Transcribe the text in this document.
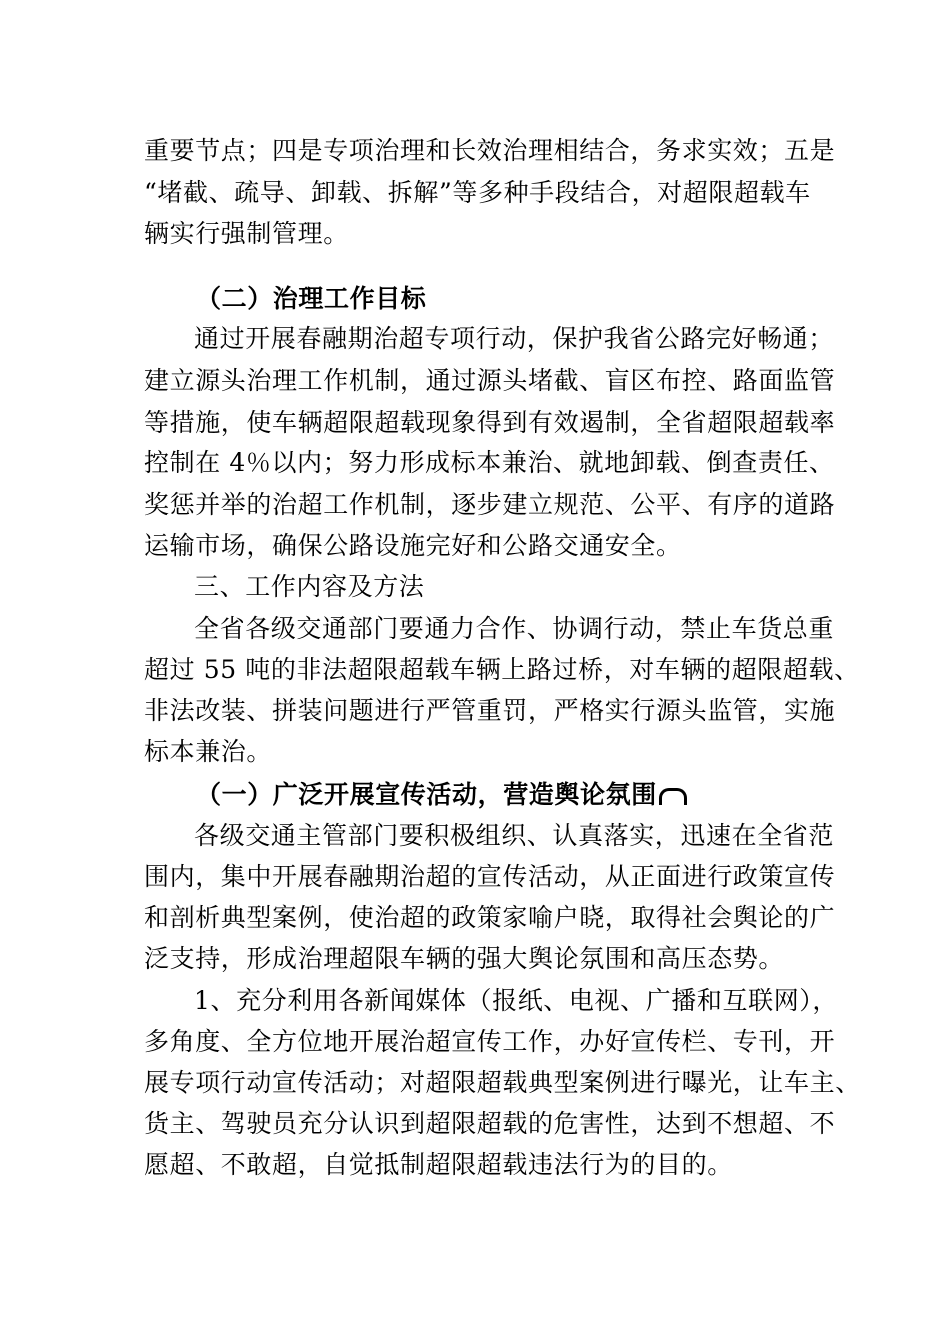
重要节点；四是专项治理和长效治理相结合，务求实效；五是
“堵截、疏导、卸载、拆解”等多种手段结合，对超限超载车
辆实行强制管理。
（二）治理工作目标
通过开展春融期治超专项行动，保护我省公路完好畅通；
建立源头治理工作机制，通过源头堵截、盲区布控、路面监管
等措施，使车辆超限超载现象得到有效遏制，全省超限超载率
控制在 4％以内；努力形成标本兼治、就地卸载、倒查责任、
奖惩并举的治超工作机制，逐步建立规范、公平、有序的道路
运输市场，确保公路设施完好和公路交通安全。
三、工作内容及方法
全省各级交通部门要通力合作、协调行动，禁止车货总重
超过 55 吨的非法超限超载车辆上路过桥，对车辆的超限超载、
非法改装、拼装问题进行严管重罚，严格实行源头监管，实施
标本兼治。
（一）广泛开展宣传活动，营造舆论氛围
各级交通主管部门要积极组织、认真落实，迅速在全省范
围内，集中开展春融期治超的宣传活动，从正面进行政策宣传
和剖析典型案例，使治超的政策家喻户晓，取得社会舆论的广
泛支持，形成治理超限车辆的强大舆论氛围和高压态势。
1、充分利用各新闻媒体（报纸、电视、广播和互联网），
多角度、全方位地开展治超宣传工作，办好宣传栏、专刊，开
展专项行动宣传活动；对超限超载典型案例进行曝光，让车主、
货主、驾驶员充分认识到超限超载的危害性，达到不想超、不
愿超、不敢超，自觉抵制超限超载违法行为的目的。
